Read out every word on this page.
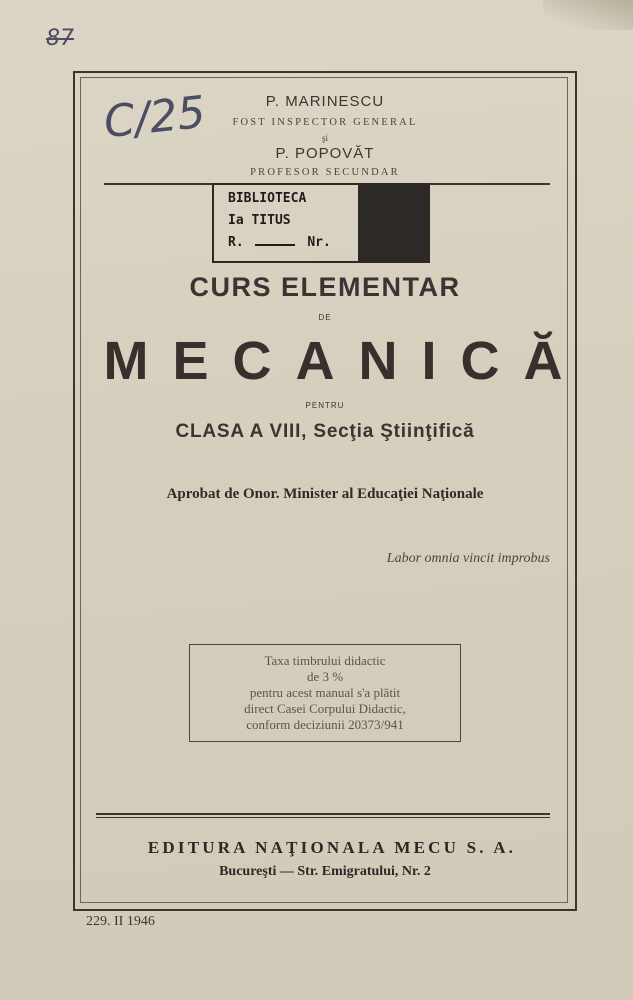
87
C/25	P. MARINESCU
FOST INSPECTOR GENERAL
şi
P. POPOVĂT
PROFESOR SECUNDAR
BIBLIOTECA
Ia TITUS
R.	Nr.
CURS ELEMENTAR
DE
MECANICĂ
PENTRU
CLASA A VIII, Secţia Ştiinţifică
Aprobat de Onor. Minister al Educaţiei Naţionale
Labor omnia vincit improbus
Taxa timbrului didactic
de 3 %
pentru acest manual s'a plătit
direct Casei Corpului Didactic,
conform deciziunii 20373/941
EDITURA NAŢIONALA MECU S. A.
Bucureşti — Str. Emigratului, Nr. 2
229. II 1946
